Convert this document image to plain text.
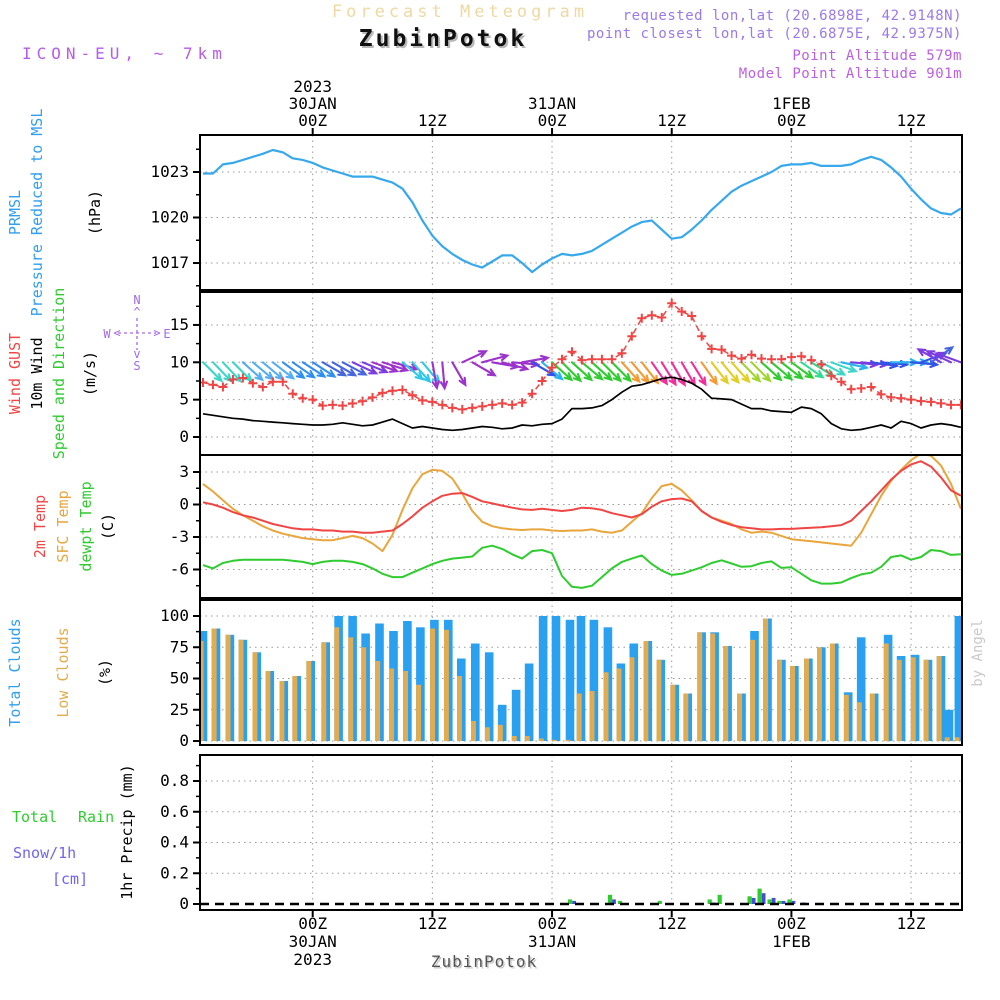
1017
1020
1023
0
5
10
15
-6
-3
0
3
0
25
50
75
100
0
0.2
0.4
0.6
0.8
00Z
00Z
30JAN
30JAN
2023
2023
12Z
12Z
00Z
00Z
31JAN
31JAN
12Z
12Z
00Z
00Z
1FEB
1FEB
12Z
12Z
PRMSL Pressure Reduced to MSL	(hPa)
Wind GUST 10m Wind Speed and Direction (m/s)
2m Temp SFC Temp dewpt Temp (C)
Total Clouds Low Clouds (%)
Total Rain
Snow/1h
[cm] 1hr Precip (mm)
N
^
W <	> E
v
S
Forecast Meteogram
ZubinPotok
requested lon,lat (20.6898E, 42.9148N)
point closest lon,lat (20.6875E, 42.9375N)
Point Altitude 579m
Model Point Altitude 901m
ICON-EU, ~ 7km
ZubinPotok
by Angel
